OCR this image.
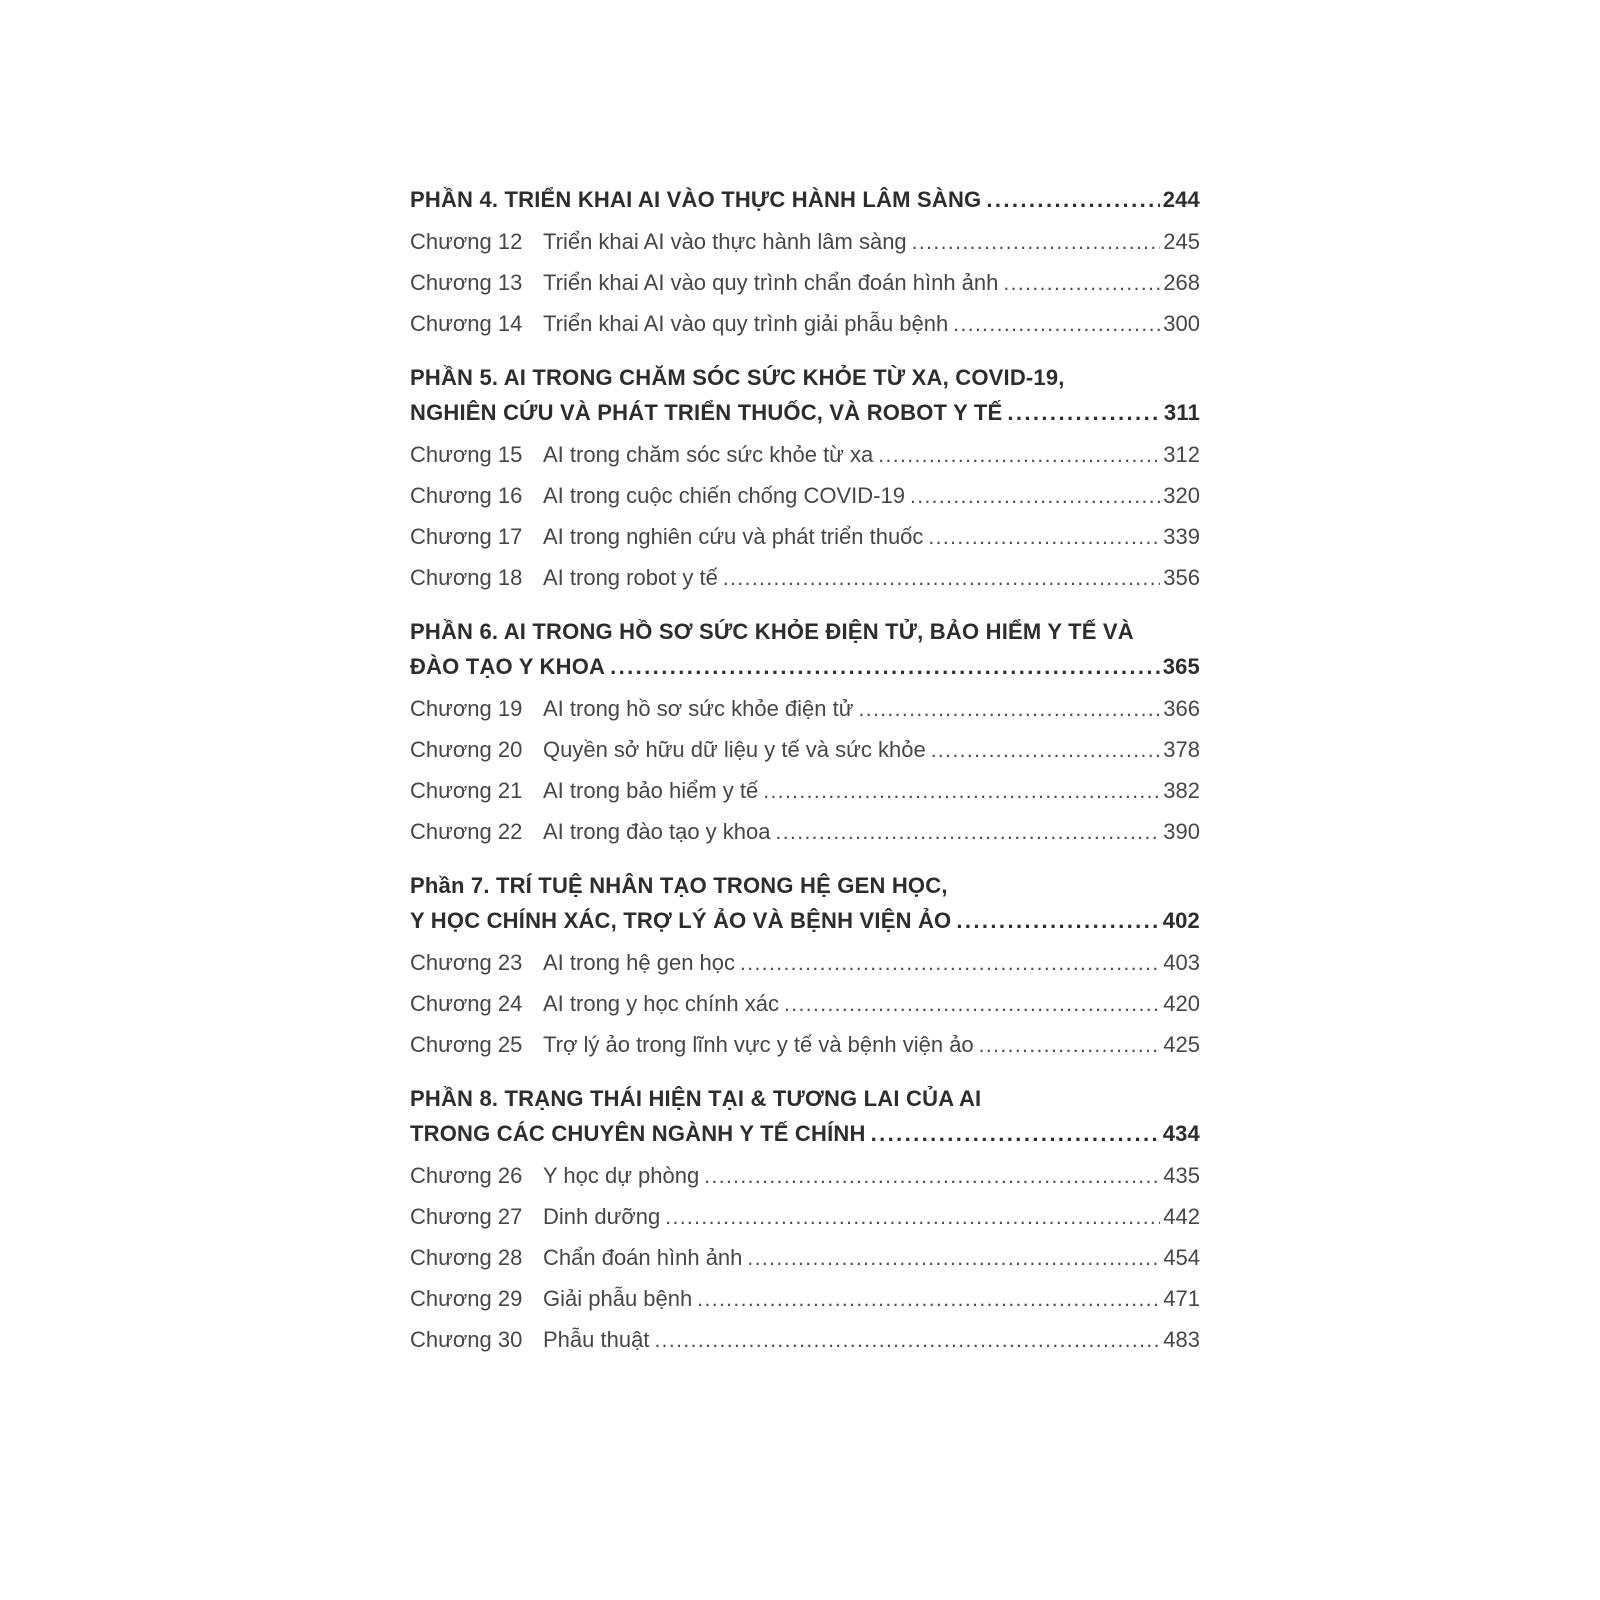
PHẦN 4. TRIỂN KHAI AI VÀO THỰC HÀNH LÂM SÀNG .....	244
Chương 12 Triển khai AI vào thực hành lâm sàng .....	245
Chương 13 Triển khai AI vào quy trình chẩn đoán hình ảnh .....	268
Chương 14 Triển khai AI vào quy trình giải phẫu bệnh .....	300
PHẦN 5. AI TRONG CHĂM SÓC SỨC KHỎE TỪ XA, COVID-19,
NGHIÊN CỨU VÀ PHÁT TRIỂN THUỐC, VÀ ROBOT Y TẾ .....	311
Chương 15 AI trong chăm sóc sức khỏe từ xa .....	312
Chương 16 AI trong cuộc chiến chống COVID-19 .....	320
Chương 17 AI trong nghiên cứu và phát triển thuốc .....	339
Chương 18 AI trong robot y tế .....	356
PHẦN 6. AI TRONG HỒ SƠ SỨC KHỎE ĐIỆN TỬ, BẢO HIỂM Y TẾ VÀ
ĐÀO TẠO Y KHOA .....	365
Chương 19 AI trong hồ sơ sức khỏe điện tử .....	366
Chương 20 Quyền sở hữu dữ liệu y tế và sức khỏe .....	378
Chương 21 AI trong bảo hiểm y tế .....	382
Chương 22 AI trong đào tạo y khoa .....	390
Phần 7. TRÍ TUỆ NHÂN TẠO TRONG HỆ GEN HỌC,
Y HỌC CHÍNH XÁC, TRỢ LÝ ẢO VÀ BỆNH VIỆN ẢO .....	402
Chương 23 AI trong hệ gen học .....	403
Chương 24 AI trong y học chính xác .....	420
Chương 25 Trợ lý ảo trong lĩnh vực y tế và bệnh viện ảo .....	425
PHẦN 8. TRẠNG THÁI HIỆN TẠI & TƯƠNG LAI CỦA AI
TRONG CÁC CHUYÊN NGÀNH Y TẾ CHÍNH .....	434
Chương 26 Y học dự phòng .....	435
Chương 27 Dinh dưỡng .....	442
Chương 28 Chẩn đoán hình ảnh .....	454
Chương 29 Giải phẫu bệnh .....	471
Chương 30 Phẫu thuật .....	483
